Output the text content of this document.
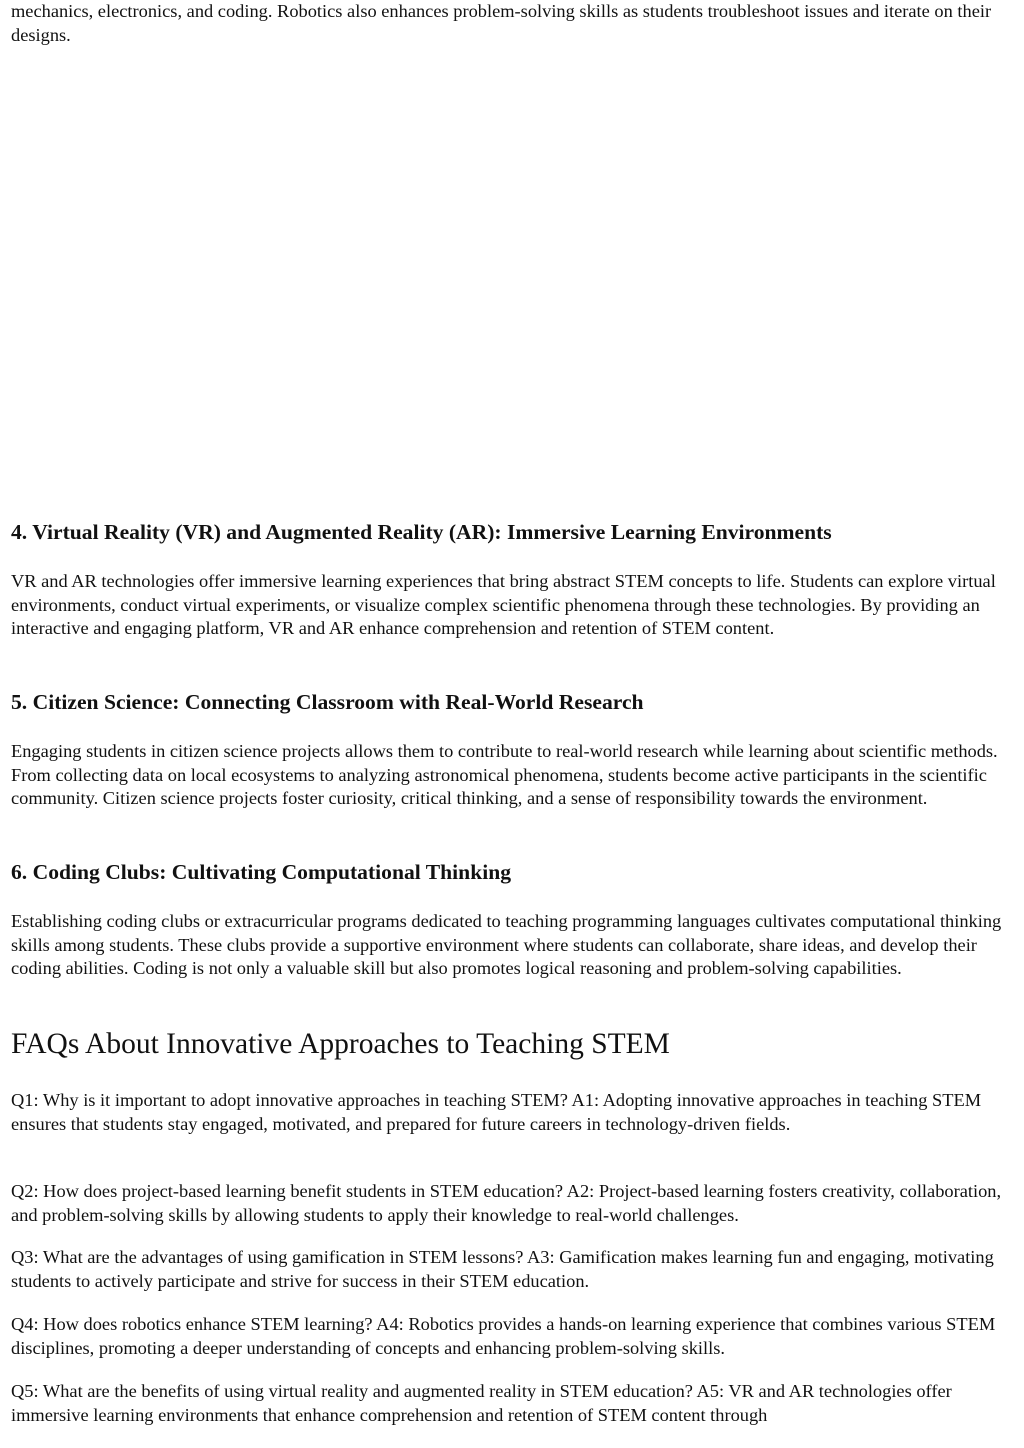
mechanics, electronics, and coding. Robotics also enhances problem-solving skills as students troubleshoot issues and iterate on their designs.

4. Virtual Reality (VR) and Augmented Reality (AR): Immersive Learning Environments

VR and AR technologies offer immersive learning experiences that bring abstract STEM concepts to life. Students can explore virtual environments, conduct virtual experiments, or visualize complex scientific phenomena through these technologies. By providing an interactive and engaging platform, VR and AR enhance comprehension and retention of STEM content.

5. Citizen Science: Connecting Classroom with Real-World Research

Engaging students in citizen science projects allows them to contribute to real-world research while learning about scientific methods. From collecting data on local ecosystems to analyzing astronomical phenomena, students become active participants in the scientific community. Citizen science projects foster curiosity, critical thinking, and a sense of responsibility towards the environment.

6. Coding Clubs: Cultivating Computational Thinking

Establishing coding clubs or extracurricular programs dedicated to teaching programming languages cultivates computational thinking skills among students. These clubs provide a supportive environment where students can collaborate, share ideas, and develop their coding abilities. Coding is not only a valuable skill but also promotes logical reasoning and problem-solving capabilities.

FAQs About Innovative Approaches to Teaching STEM

Q1: Why is it important to adopt innovative approaches in teaching STEM? A1: Adopting innovative approaches in teaching STEM ensures that students stay engaged, motivated, and prepared for future careers in technology-driven fields.

Q2: How does project-based learning benefit students in STEM education? A2: Project-based learning fosters creativity, collaboration, and problem-solving skills by allowing students to apply their knowledge to real-world challenges.

Q3: What are the advantages of using gamification in STEM lessons? A3: Gamification makes learning fun and engaging, motivating students to actively participate and strive for success in their STEM education.

Q4: How does robotics enhance STEM learning? A4: Robotics provides a hands-on learning experience that combines various STEM disciplines, promoting a deeper understanding of concepts and enhancing problem-solving skills.

Q5: What are the benefits of using virtual reality and augmented reality in STEM education? A5: VR and AR technologies offer immersive learning environments that enhance comprehension and retention of STEM content through
